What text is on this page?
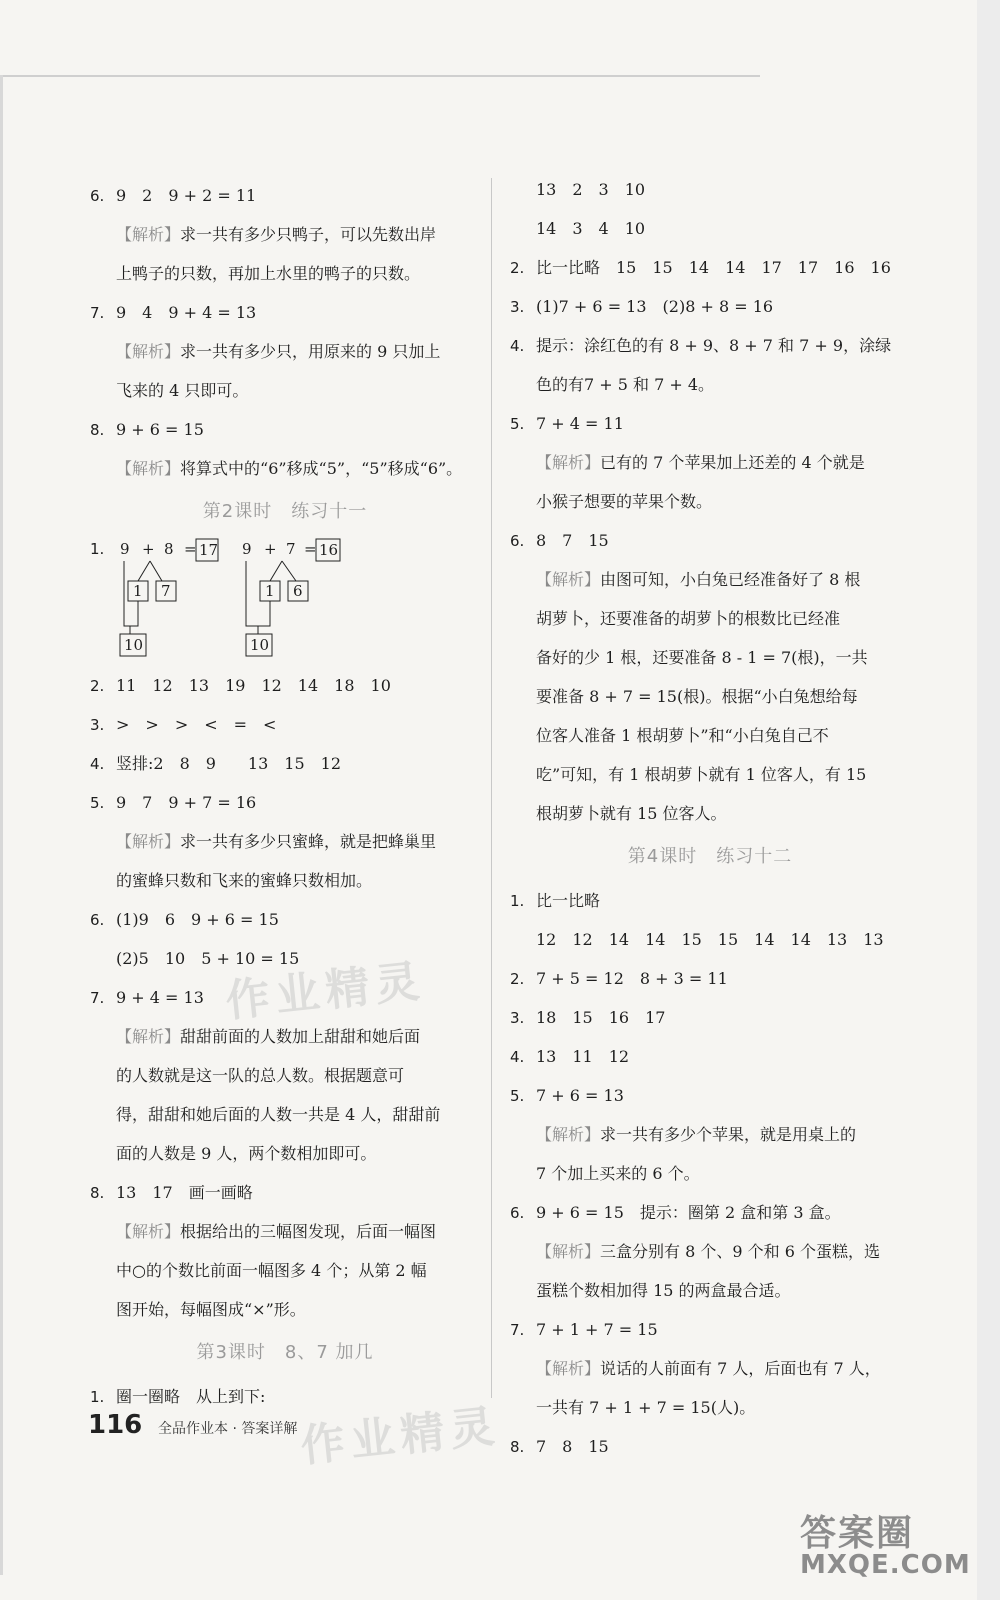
6. 9　2　9 + 2 = 11
【解析】求一共有多少只鸭子，可以先数出岸
上鸭子的只数，再加上水里的鸭子的只数。
7. 9　4　9 + 4 = 13
【解析】求一共有多少只，用原来的 9 只加上
飞来的 4 只即可。
8. 9 + 6 = 15
【解析】将算式中的“6”移成“5”，“5”移成“6”。
第2课时　练习十一
1. 9 + 8 = 17
1 7
10
9 + 7 = 16
1 6
10
2. 11　12　13　19　12　14　18　10
3. >　>　>　<　=　<
4. 竖排:2　8　9　　13　15　12
5. 9　7　9 + 7 = 16
【解析】求一共有多少只蜜蜂，就是把蜂巢里
的蜜蜂只数和飞来的蜜蜂只数相加。
6. (1)9　6　9 + 6 = 15
(2)5　10　5 + 10 = 15
7. 9 + 4 = 13
【解析】甜甜前面的人数加上甜甜和她后面
的人数就是这一队的总人数。根据题意可
得，甜甜和她后面的人数一共是 4 人，甜甜前
面的人数是 9 人，两个数相加即可。
8. 13　17　画一画略
【解析】根据给出的三幅图发现，后面一幅图
中○的个数比前面一幅图多 4 个；从第 2 幅
图开始，每幅图成“×”形。
第3课时　8、7 加几
1. 圈一圈略　从上到下:
13　2　3　10
14　3　4　10
2. 比一比略　15　15　14　14　17　17　16　16
3. (1)7 + 6 = 13　(2)8 + 8 = 16
4. 提示：涂红色的有 8 + 9、8 + 7 和 7 + 9，涂绿
色的有7 + 5 和 7 + 4。
5. 7 + 4 = 11
【解析】已有的 7 个苹果加上还差的 4 个就是
小猴子想要的苹果个数。
6. 8　7　15
【解析】由图可知，小白兔已经准备好了 8 根
胡萝卜，还要准备的胡萝卜的根数比已经准
备好的少 1 根，还要准备 8 - 1 = 7(根)，一共
要准备 8 + 7 = 15(根)。根据“小白兔想给每
位客人准备 1 根胡萝卜”和“小白兔自己不
吃”可知，有 1 根胡萝卜就有 1 位客人，有 15
根胡萝卜就有 15 位客人。
第4课时　练习十二
1. 比一比略
12　12　14　14　15　15　14　14　13　13
2. 7 + 5 = 12　8 + 3 = 11
3. 18　15　16　17
4. 13　11　12
5. 7 + 6 = 13
【解析】求一共有多少个苹果，就是用桌上的
7 个加上买来的 6 个。
6. 9 + 6 = 15　提示：圈第 2 盒和第 3 盒。
【解析】三盒分别有 8 个、9 个和 6 个蛋糕，选
蛋糕个数相加得 15 的两盒最合适。
7. 7 + 1 + 7 = 15
【解析】说话的人前面有 7 人，后面也有 7 人，
一共有 7 + 1 + 7 = 15(人)。
8. 7　8　15
作业精灵
作业精灵
116 全品作业本 · 答案详解
答案圈
MXQE.COM
